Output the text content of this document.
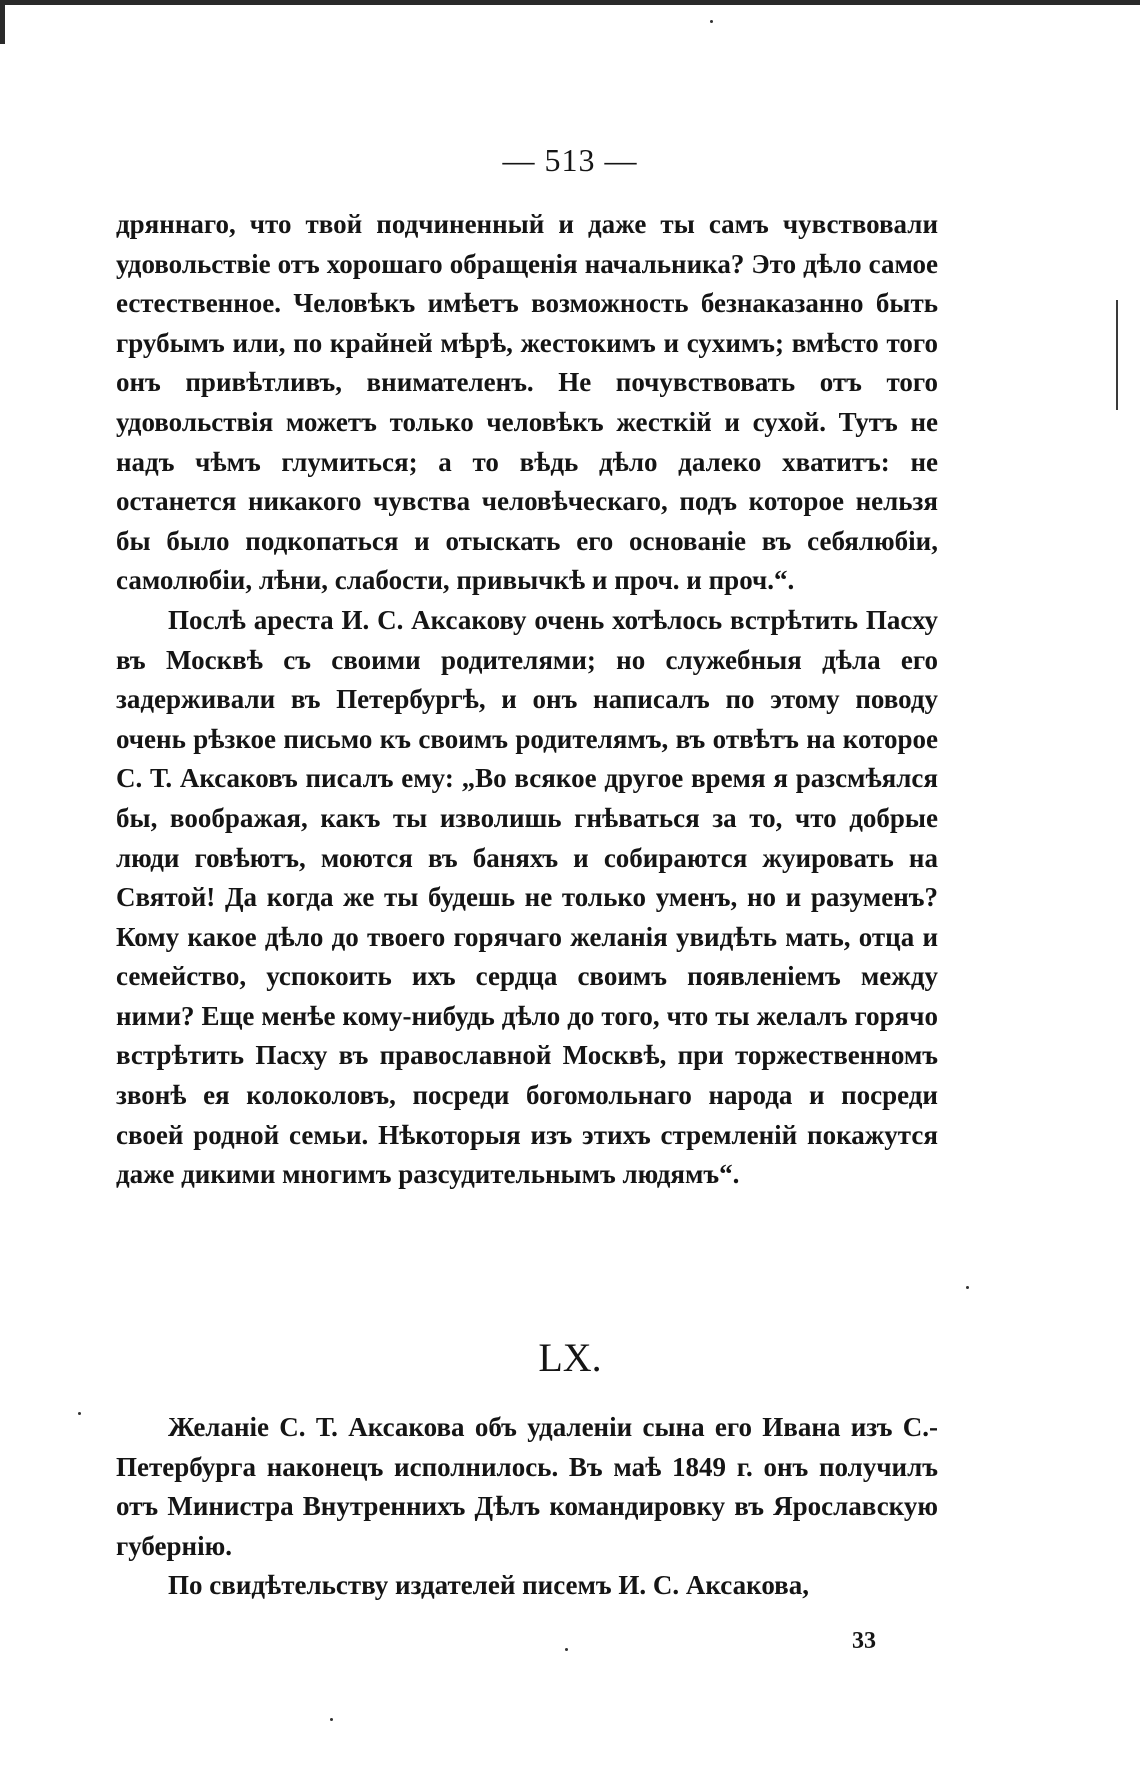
— 513 —

дряннаго, что твой подчиненный и даже ты самъ чувствовали удовольствіе отъ хорошаго обращенія начальника? Это дѣло самое естественное. Человѣкъ имѣетъ возможность безнаказанно быть грубымъ или, по крайней мѣрѣ, жестокимъ и сухимъ; вмѣсто того онъ привѣтливъ, внимателенъ. Не почувствовать отъ того удовольствія можетъ только человѣкъ жесткій и сухой. Тутъ не надъ чѣмъ глумиться; а то вѣдь дѣло далеко хватитъ: не останется никакого чувства человѣческаго, подъ которое нельзя бы было подкопаться и отыскать его основаніе въ себялюбіи, самолюбіи, лѣни, слабости, привычкѣ и проч. и проч.“.

Послѣ ареста И. С. Аксакову очень хотѣлось встрѣтить Пасху въ Москвѣ съ своими родителями; но служебныя дѣла его задерживали въ Петербургѣ, и онъ написалъ по этому поводу очень рѣзкое письмо къ своимъ родителямъ, въ отвѣтъ на которое С. Т. Аксаковъ писалъ ему: „Во всякое другое время я разсмѣялся бы, воображая, какъ ты изволишь гнѣваться за то, что добрые люди говѣютъ, моются въ баняхъ и собираются жуировать на Святой! Да когда же ты будешь не только уменъ, но и разуменъ? Кому какое дѣло до твоего горячаго желанія увидѣть мать, отца и семейство, успокоить ихъ сердца своимъ появленіемъ между ними? Еще менѣе кому-нибудь дѣло до того, что ты желалъ горячо встрѣтить Пасху въ православной Москвѣ, при торжественномъ звонѣ ея колоколовъ, посреди богомольнаго народа и посреди своей родной семьи. Нѣкоторыя изъ этихъ стремленій покажутся даже дикими многимъ разсудительнымъ людямъ“.

LX.

Желаніе С. Т. Аксакова объ удаленіи сына его Ивана изъ С.-Петербурга наконецъ исполнилось. Въ маѣ 1849 г. онъ получилъ отъ Министра Внутреннихъ Дѣлъ командировку въ Ярославскую губернію.

По свидѣтельству издателей писемъ И. С. Аксакова,

33
